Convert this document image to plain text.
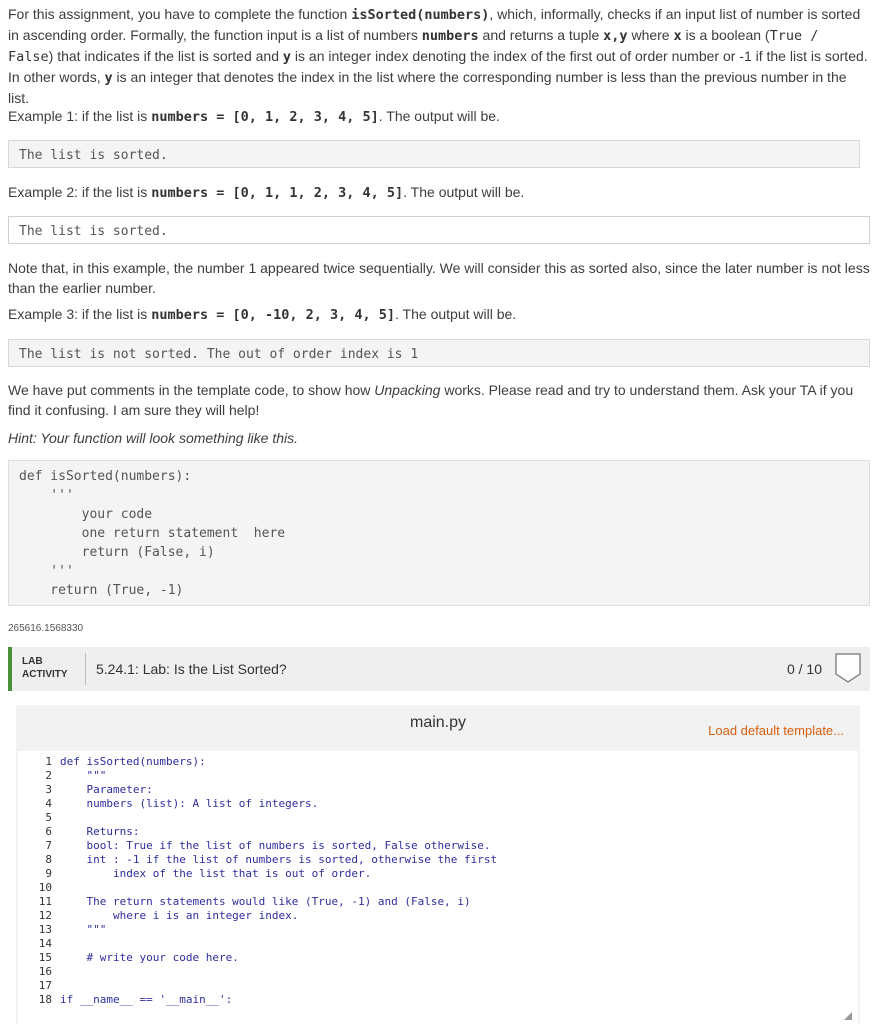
For this assignment, you have to complete the function isSorted(numbers), which, informally, checks if an input list of number is sorted in ascending order. Formally, the function input is a list of numbers numbers and returns a tuple x,y where x is a boolean (True / False) that indicates if the list is sorted and y is an integer index denoting the index of the first out of order number or -1 if the list is sorted. In other words, y is an integer that denotes the index in the list where the corresponding number is less than the previous number in the list.
Example 1: if the list is numbers = [0, 1, 2, 3, 4, 5]. The output will be.
The list is sorted.
Example 2: if the list is numbers = [0, 1, 1, 2, 3, 4, 5]. The output will be.
The list is sorted.
Note that, in this example, the number 1 appeared twice sequentially. We will consider this as sorted also, since the later number is not less than the earlier number.
Example 3: if the list is numbers = [0, -10, 2, 3, 4, 5]. The output will be.
The list is not sorted. The out of order index is 1
We have put comments in the template code, to show how Unpacking works. Please read and try to understand them. Ask your TA if you find it confusing. I am sure they will help!
Hint: Your function will look something like this.
def isSorted(numbers):
'''
your code
one return statement  here
return (False, i)
'''
return (True, -1)
265616.1568330
LAB
ACTIVITY 5.24.1: Lab: Is the List Sorted?	0 / 10
main.py	Load default template...
1 def isSorted(numbers):
2 """
3 Parameter:
4 numbers (list): A list of integers.
5
6 Returns:
7 bool: True if the list of numbers is sorted, False otherwise.
8 int : -1 if the list of numbers is sorted, otherwise the first
9 index of the list that is out of order.
10
11 The return statements would like (True, -1) and (False, i)
12 where i is an integer index.
13 """
14
15 # write your code here.
16
17
18 if __name__ == '__main__':
